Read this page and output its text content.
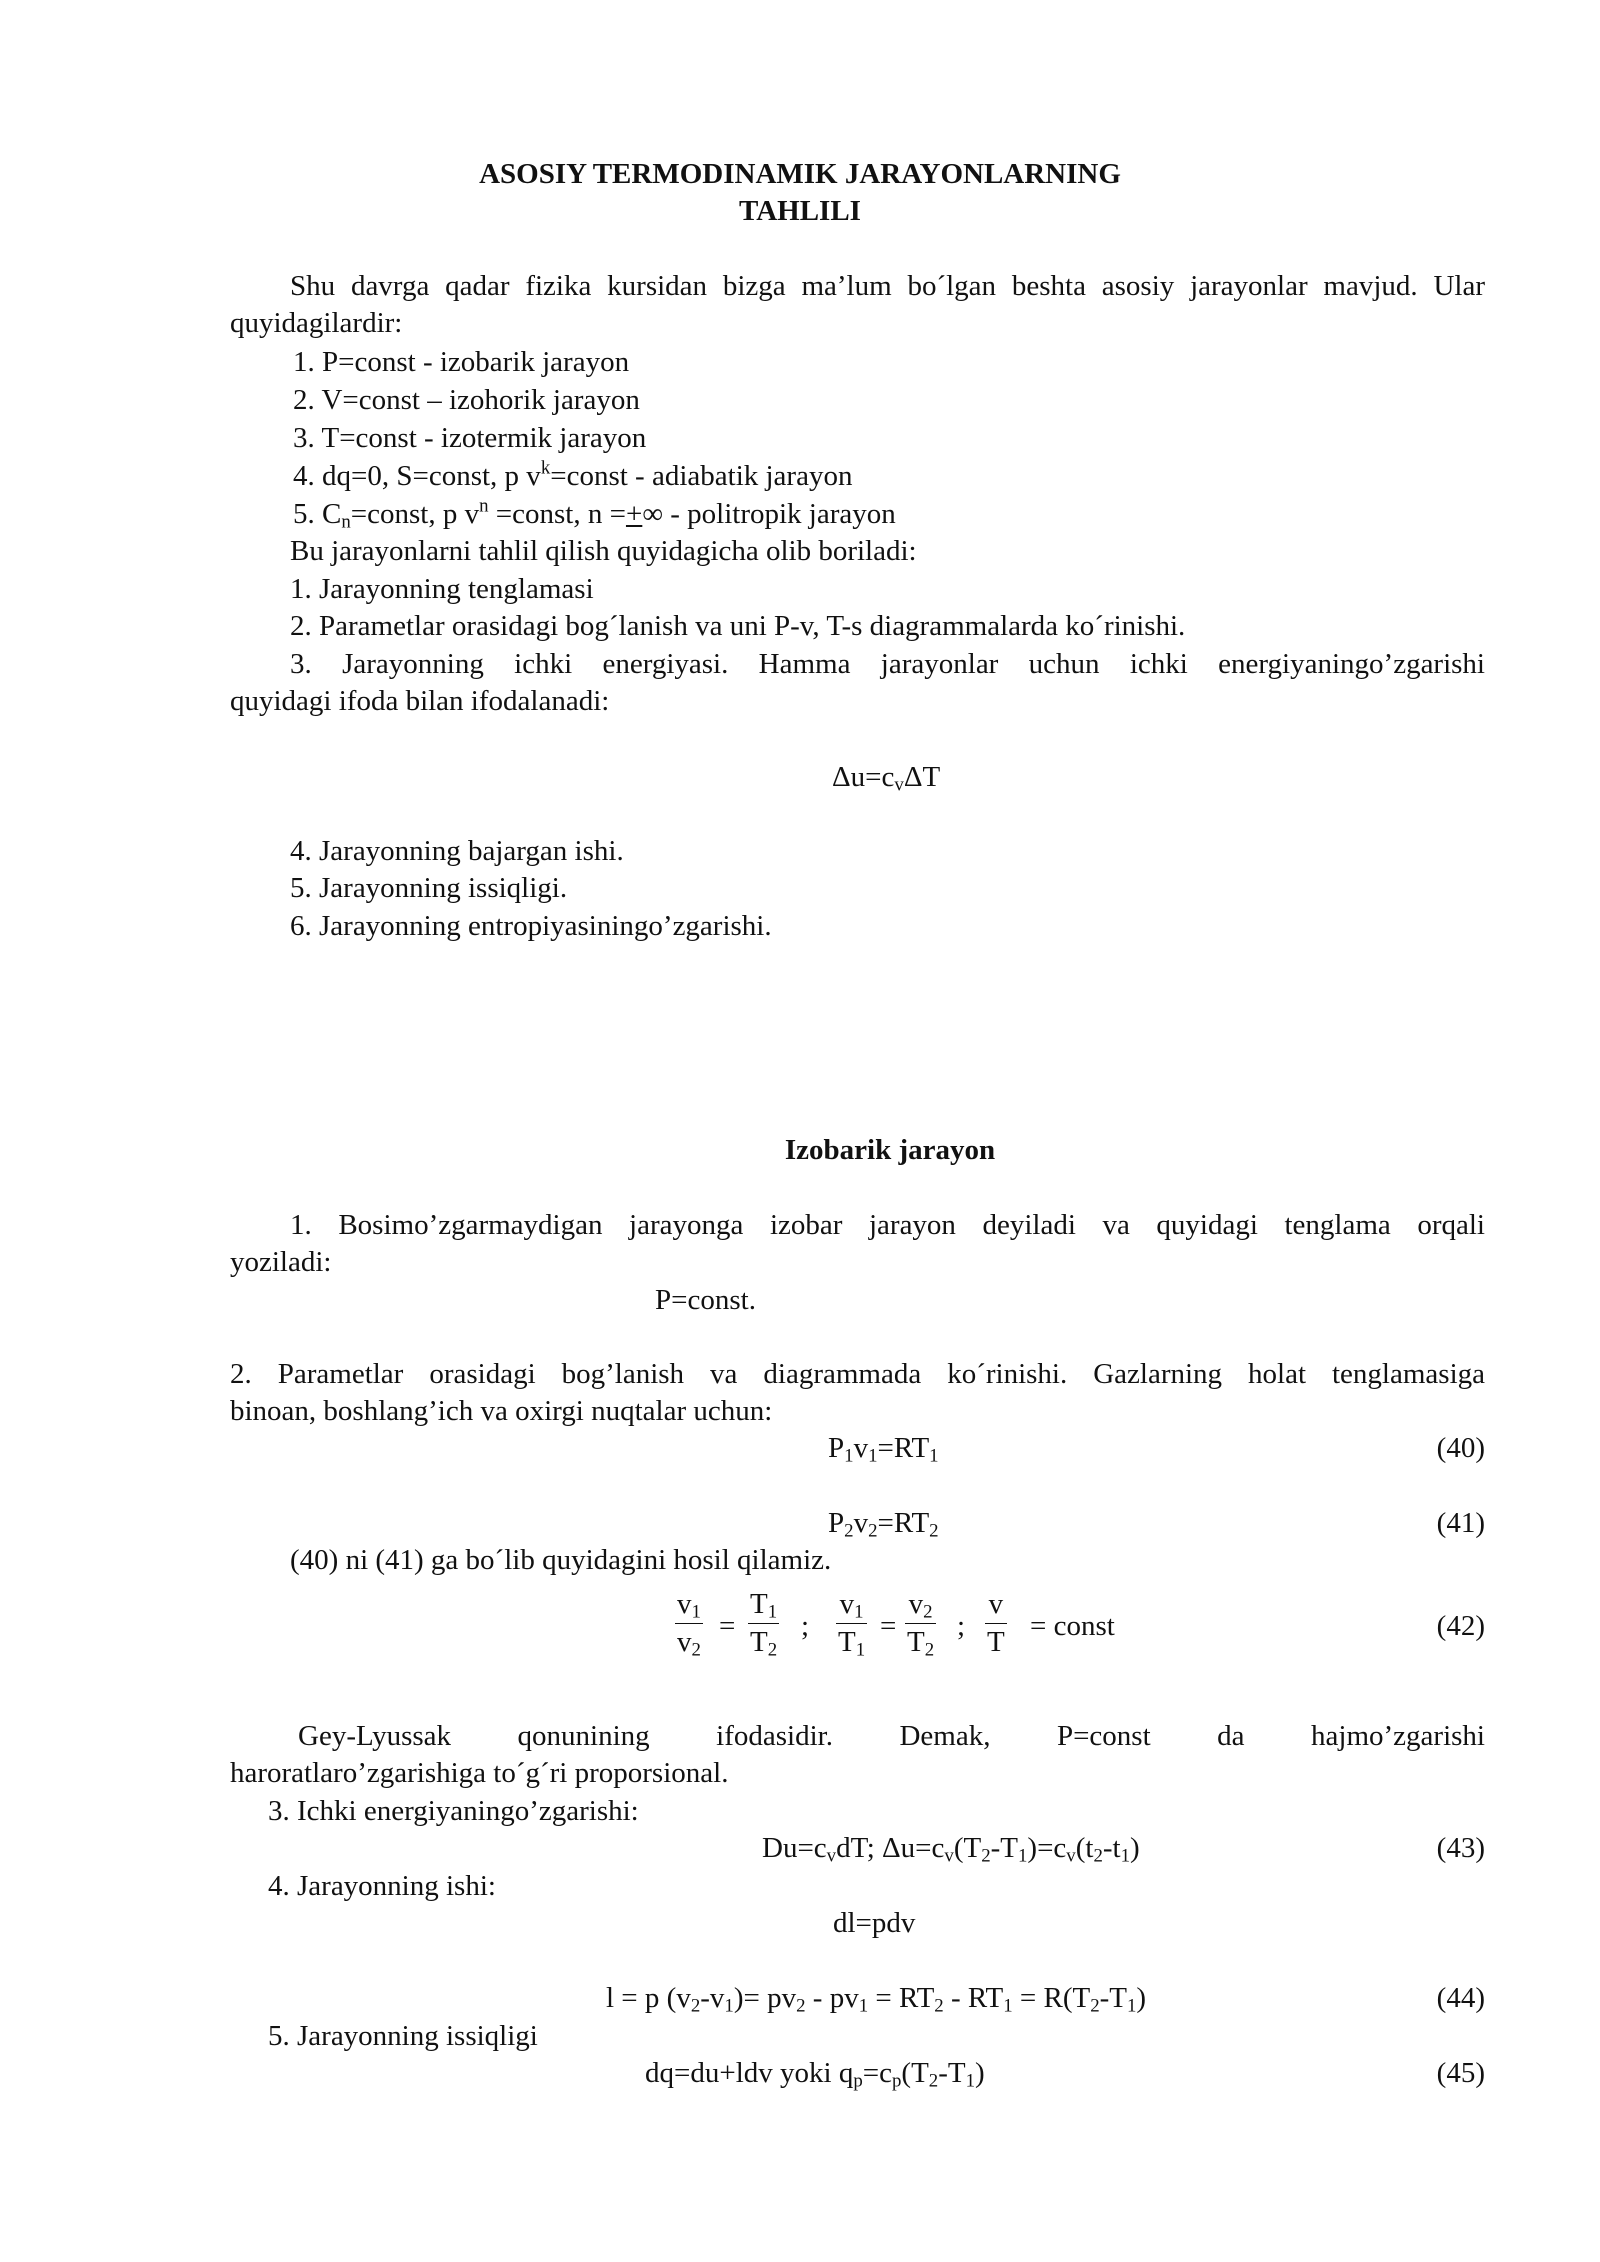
ASOSIY TERMODINAMIK JARAYONLARNING
TAHLILI
Shu davrga qadar fizika kursidan bizga ma’lum bo´lgan beshta asosiy jarayonlar mavjud. Ular
quyidagilardir:
1. P=const - izobarik jarayon
2. V=const – izohorik jarayon
3. T=const - izotermik jarayon
4. dq=0, S=const, p $v^k=const$ - adiabatik jarayon
5. $C_n=const$, p $v^n$ =const, n =+∞ - politropik jarayon
Bu jarayonlarni tahlil qilish quyidagicha olib boriladi:
1. Jarayonning tenglamasi
2. Parametlar orasidagi bog´lanish va uni P-v, T-s diagrammalarda ko´rinishi.
3. Jarayonning ichki energiyasi. Hamma jarayonlar uchun ichki energiyaningo’zgarishi
quyidagi ifoda bilan ifodalanadi:
$\Delta u=c_v\Delta T$
4. Jarayonning bajargan ishi.
5. Jarayonning issiqligi.
6. Jarayonning entropiyasiningo’zgarishi.
Izobarik jarayon
1. Bosimo’zgarmaydigan jarayonga izobar jarayon deyiladi va quyidagi tenglama orqali
yoziladi:
P=const.
2. Parametlar orasidagi bog’lanish va diagrammada ko´rinishi. Gazlarning holat tenglamasiga
binoan, boshlang’ich va oxirgi nuqtalar uchun:
$P_1v_1=RT_1$	(40)
$P_2v_2=RT_2$	(41)
(40) ni (41) ga bo´lib quyidagini hosil qilamiz.
$v_1$
$v_2$
=
$T_1$
$T_2$
;
$v_1$
$T_1$
=
$v_2$
$T_2$
;
v
T = const	(42)
Gey-Lyussak qonunining ifodasidir. Demak, P=const da hajmo’zgarishi
haroratlaro’zgarishiga to´g´ri proporsional.
3. Ichki energiyaningo’zgarishi:
$Du=c_vdT$; $\Delta u=c_v(T_2-T_1)=c_v(t_2-t_1)$	(43)
4. Jarayonning ishi:
dl=pdv
l = p $(v_2-v_1)= pv_2 - pv_1 = RT_2 - RT_1 = R(T_2-T_1)$	(44)
5. Jarayonning issiqligi
dq=du+ldv yoki $q_p=c_p(T_2-T_1)$	(45)
